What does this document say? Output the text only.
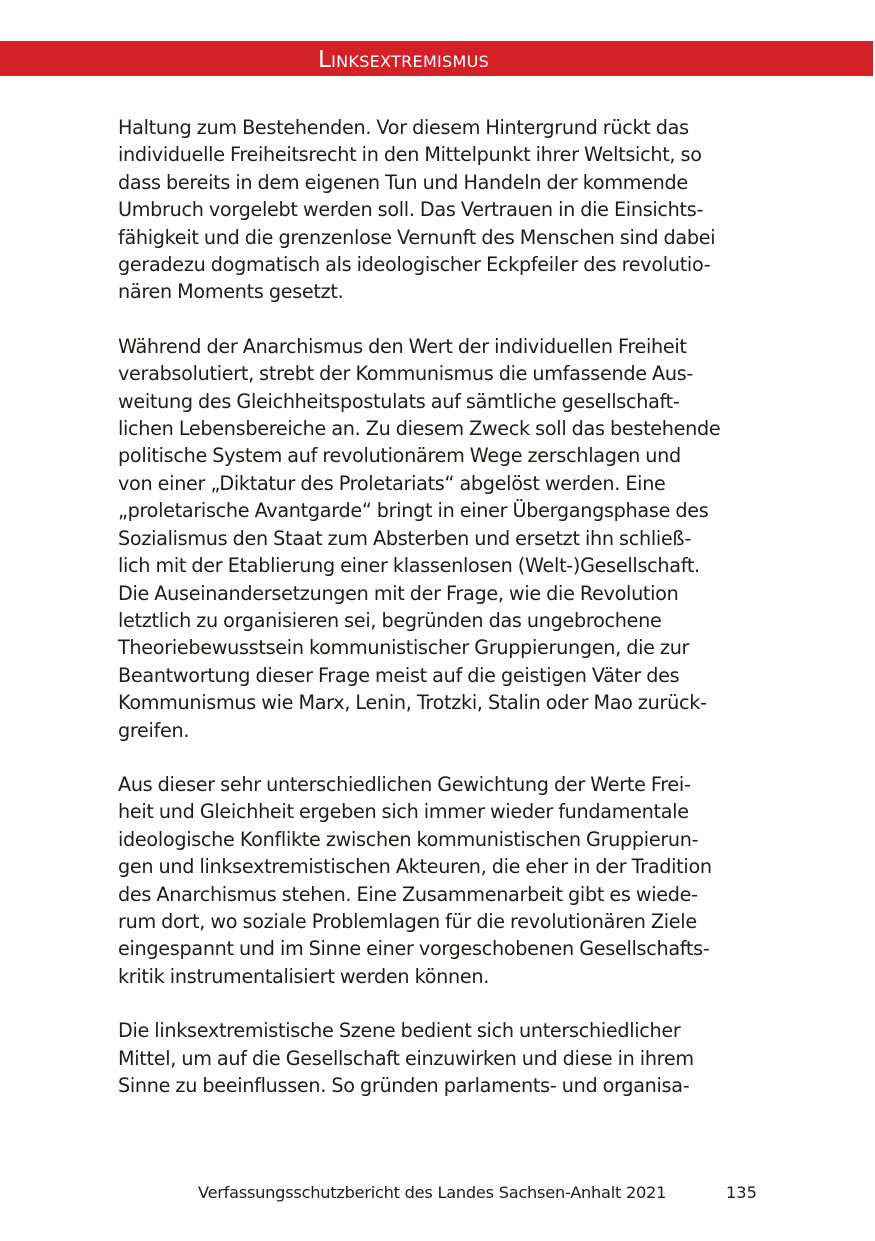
Linksextremismus

Haltung zum Bestehenden. Vor diesem Hintergrund rückt das
individuelle Freiheitsrecht in den Mittelpunkt ihrer Weltsicht, so
dass bereits in dem eigenen Tun und Handeln der kommende
Umbruch vorgelebt werden soll. Das Vertrauen in die Einsichts-
fähigkeit und die grenzenlose Vernunft des Menschen sind dabei
geradezu dogmatisch als ideologischer Eckpfeiler des revolutio-
nären Moments gesetzt.

Während der Anarchismus den Wert der individuellen Freiheit
verabsolutiert, strebt der Kommunismus die umfassende Aus-
weitung des Gleichheitspostulats auf sämtliche gesellschaft-
lichen Lebensbereiche an. Zu diesem Zweck soll das bestehende
politische System auf revolutionärem Wege zerschlagen und
von einer „Diktatur des Proletariats“ abgelöst werden. Eine
„proletarische Avantgarde“ bringt in einer Übergangsphase des
Sozialismus den Staat zum Absterben und ersetzt ihn schließ-
lich mit der Etablierung einer klassenlosen (Welt-)Gesellschaft.
Die Auseinandersetzungen mit der Frage, wie die Revolution
letztlich zu organisieren sei, begründen das ungebrochene
Theoriebewusstsein kommunistischer Gruppierungen, die zur
Beantwortung dieser Frage meist auf die geistigen Väter des
Kommunismus wie Marx, Lenin, Trotzki, Stalin oder Mao zurück-
greifen.

Aus dieser sehr unterschiedlichen Gewichtung der Werte Frei-
heit und Gleichheit ergeben sich immer wieder fundamentale
ideologische Konflikte zwischen kommunistischen Gruppierun-
gen und linksextremistischen Akteuren, die eher in der Tradition
des Anarchismus stehen. Eine Zusammenarbeit gibt es wiede-
rum dort, wo soziale Problemlagen für die revolutionären Ziele
eingespannt und im Sinne einer vorgeschobenen Gesellschafts-
kritik instrumentalisiert werden können.

Die linksextremistische Szene bedient sich unterschiedlicher
Mittel, um auf die Gesellschaft einzuwirken und diese in ihrem
Sinne zu beeinflussen. So gründen parlaments- und organisa-

Verfassungsschutzbericht des Landes Sachsen-Anhalt 2021	135
